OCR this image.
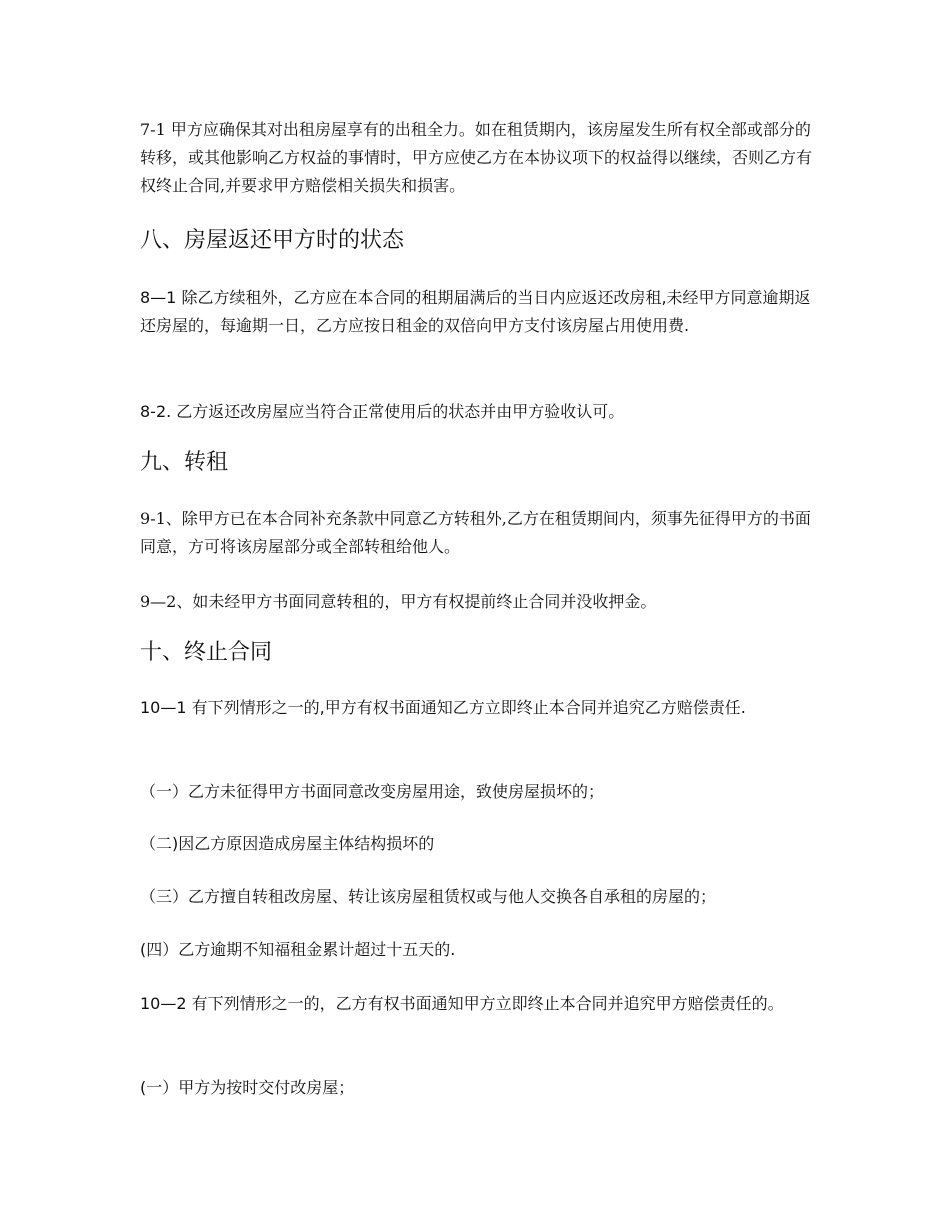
7-1 甲方应确保其对出租房屋享有的出租全力。如在租赁期内，该房屋发生所有权全部或部分的转移，或其他影响乙方权益的事情时，甲方应使乙方在本协议项下的权益得以继续，否则乙方有权终止合同,并要求甲方赔偿相关损失和损害。

八、房屋返还甲方时的状态

8—1 除乙方续租外，乙方应在本合同的租期届满后的当日内应返还改房租,未经甲方同意逾期返还房屋的，每逾期一日，乙方应按日租金的双倍向甲方支付该房屋占用使用费.

8-2. 乙方返还改房屋应当符合正常使用后的状态并由甲方验收认可。

九、转租

9-1、除甲方已在本合同补充条款中同意乙方转租外,乙方在租赁期间内，须事先征得甲方的书面同意，方可将该房屋部分或全部转租给他人。

9—2、如未经甲方书面同意转租的，甲方有权提前终止合同并没收押金。

十、终止合同

10—1 有下列情形之一的,甲方有权书面通知乙方立即终止本合同并追究乙方赔偿责任.

（一）乙方未征得甲方书面同意改变房屋用途，致使房屋损坏的；

（二)因乙方原因造成房屋主体结构损坏的

（三）乙方擅自转租改房屋、转让该房屋租赁权或与他人交换各自承租的房屋的；

(四）乙方逾期不知福租金累计超过十五天的.

10—2 有下列情形之一的，乙方有权书面通知甲方立即终止本合同并追究甲方赔偿责任的。

(一）甲方为按时交付改房屋；
